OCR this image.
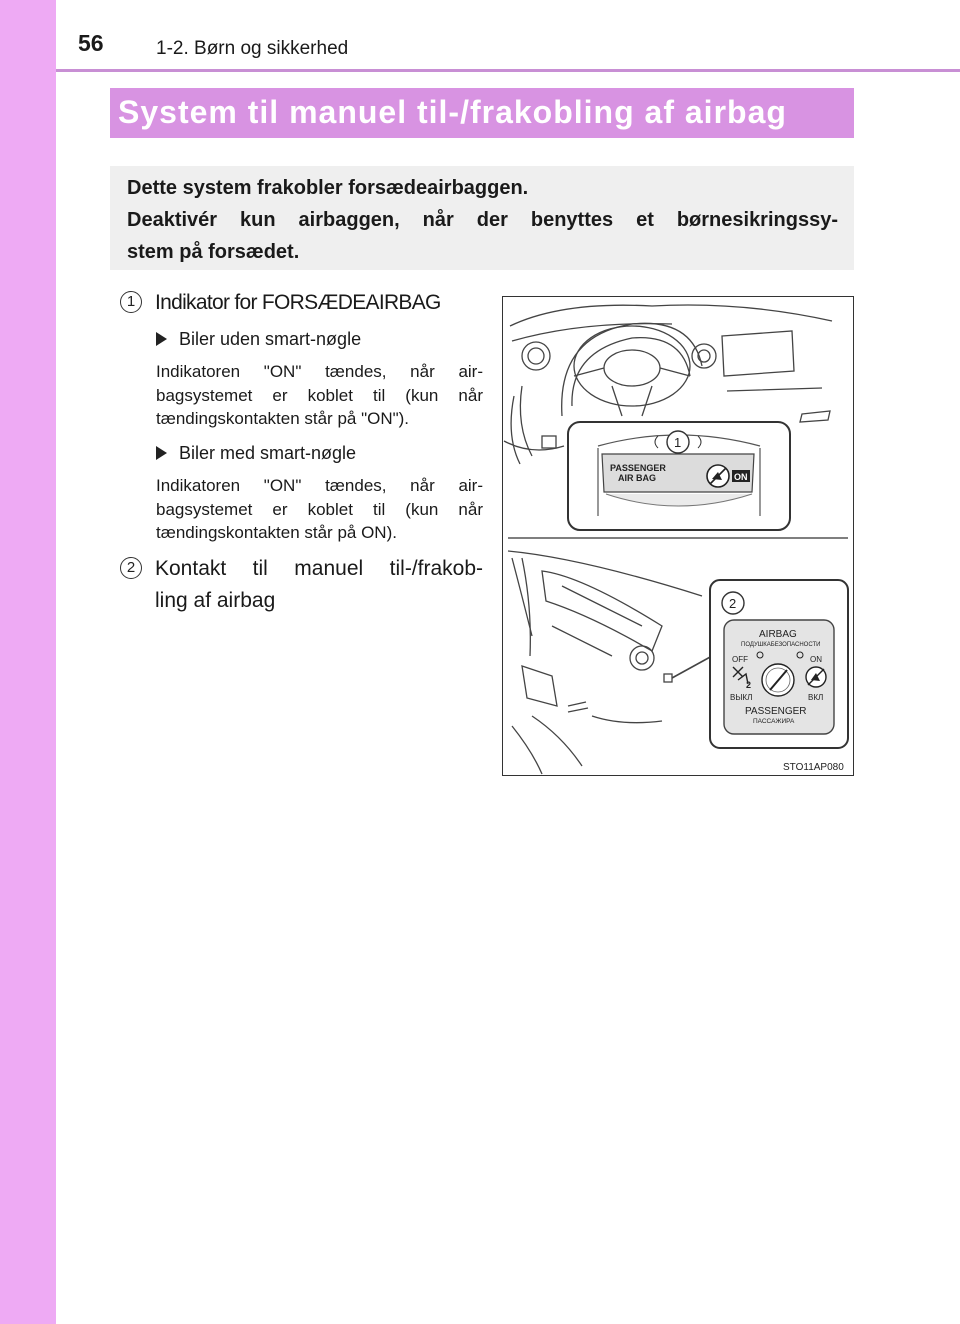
56	1-2. Børn og sikkerhed
System til manuel til-/frakobling af airbag

Dette system frakobler forsædeairbaggen.

Deaktivér kun airbaggen, når der benyttes et børnesikringssy-

stem på forsædet.

1 Indikator for FORSÆDEAIRBAG
Biler uden smart-nøgle
Indikatoren "ON" tændes, når air-
bagsystemet er koblet til (kun når
tændingskontakten står på "ON").
Biler med smart-nøgle
Indikatoren "ON" tændes, når air-
bagsystemet er koblet til (kun når
tændingskontakten står på ON).
2 Kontakt til manuel til-/frakob-
ling af airbag
PASSENGER
AIR BAG	ON
1
2
AIRBAG
ПОДУШКАБЕЗОПАСНОСТИ
OFF	ON
2
ВЫКЛ	ВКЛ
PASSENGER
ПАССАЖИРА
STO11AP080
